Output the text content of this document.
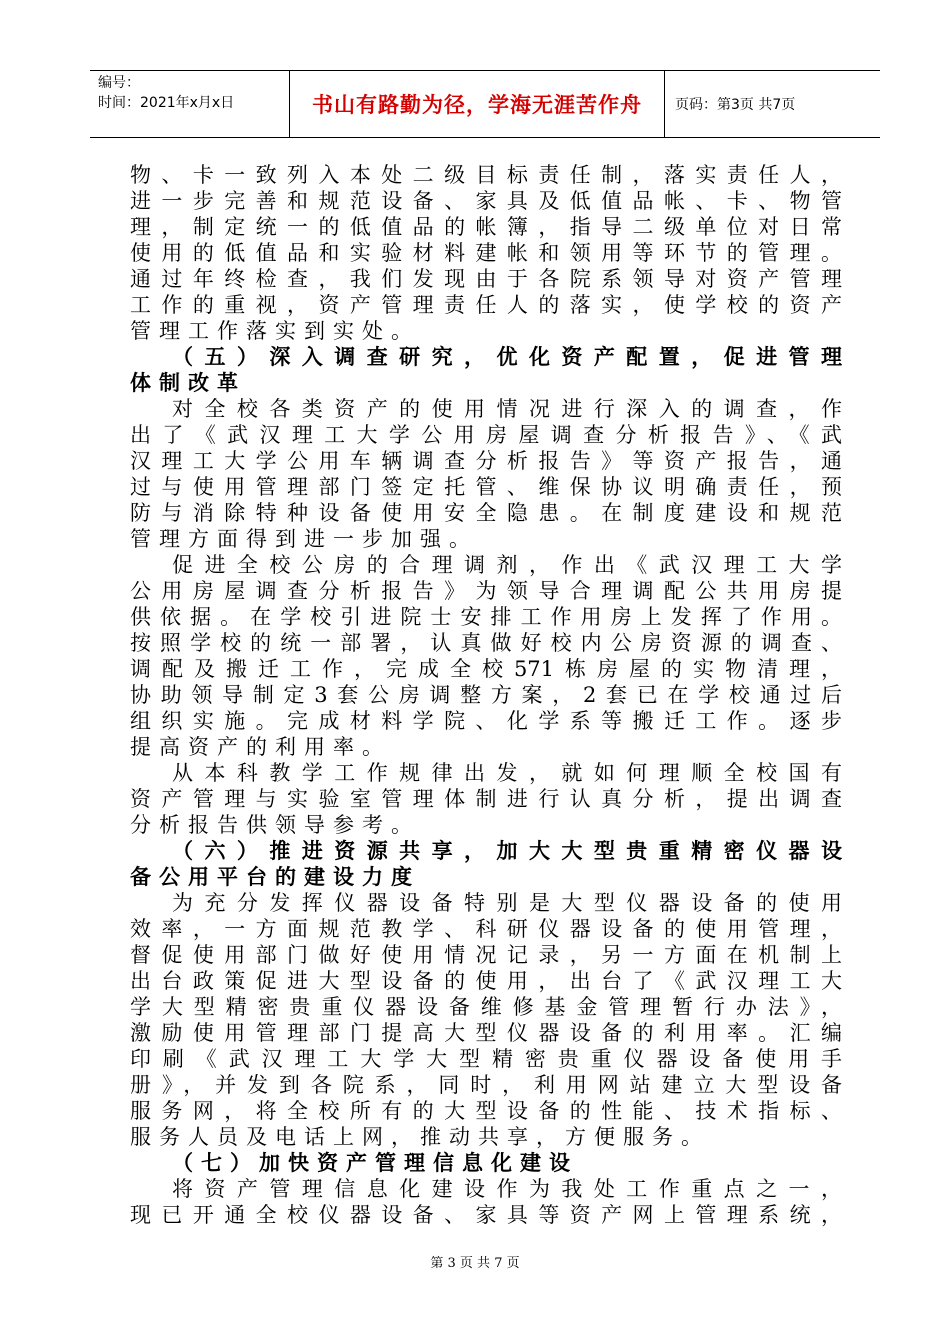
编号：
时间：2021年x月x日	书山有路勤为径，学海无涯苦作舟 页码：第3页 共7页
物、卡一致列入本处二级目标责任制，落实责任人，
进一步完善和规范设备、家具及低值品帐、卡、物管
理，制定统一的低值品的帐簿，指导二级单位对日常
使用的低值品和实验材料建帐和领用等环节的管理。
通过年终检查，我们发现由于各院系领导对资产管理
工作的重视，资产管理责任人的落实，使学校的资产
管理工作落实到实处。
（五）深入调查研究，优化资产配置，促进管理
体制改革
对全校各类资产的使用情况进行深入的调查，作
出了《武汉理工大学公用房屋调查分析报告》、《武
汉理工大学公用车辆调查分析报告》等资产报告，通
过与使用管理部门签定托管、维保协议明确责任，预
防与消除特种设备使用安全隐患。在制度建设和规范
管理方面得到进一步加强。
促进全校公房的合理调剂，作出《武汉理工大学
公用房屋调查分析报告》为领导合理调配公共用房提
供依据。在学校引进院士安排工作用房上发挥了作用。
按照学校的统一部署，认真做好校内公房资源的调查、
调配及搬迁工作，完成全校571栋房屋的实物清理，
协助领导制定3套公房调整方案，2套已在学校通过后
组织实施。完成材料学院、化学系等搬迁工作。逐步
提高资产的利用率。
从本科教学工作规律出发，就如何理顺全校国有
资产管理与实验室管理体制进行认真分析，提出调查
分析报告供领导参考。
（六）推进资源共享，加大大型贵重精密仪器设
备公用平台的建设力度
为充分发挥仪器设备特别是大型仪器设备的使用
效率，一方面规范教学、科研仪器设备的使用管理，
督促使用部门做好使用情况记录，另一方面在机制上
出台政策促进大型设备的使用，出台了《武汉理工大
学大型精密贵重仪器设备维修基金管理暂行办法》，
激励使用管理部门提高大型仪器设备的利用率。汇编
印刷《武汉理工大学大型精密贵重仪器设备使用手
册》，并发到各院系，同时，利用网站建立大型设备
服务网，将全校所有的大型设备的性能、技术指标、
服务人员及电话上网，推动共享，方便服务。
（七）加快资产管理信息化建设
将资产管理信息化建设作为我处工作重点之一，
现已开通全校仪器设备、家具等资产网上管理系统，
第 3 页 共 7 页
